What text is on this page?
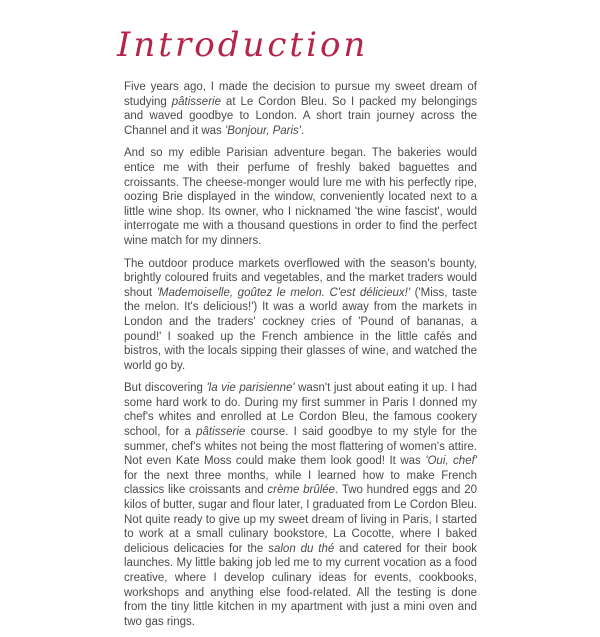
Introduction

Five years ago, I made the decision to pursue my sweet dream of studying pâtisserie at Le Cordon Bleu. So I packed my belongings and waved goodbye to London. A short train journey across the Channel and it was 'Bonjour, Paris'.

And so my edible Parisian adventure began. The bakeries would entice me with their perfume of freshly baked baguettes and croissants. The cheese-monger would lure me with his perfectly ripe, oozing Brie displayed in the window, conveniently located next to a little wine shop. Its owner, who I nicknamed 'the wine fascist', would interrogate me with a thousand questions in order to find the perfect wine match for my dinners.

The outdoor produce markets overflowed with the season's bounty, brightly coloured fruits and vegetables, and the market traders would shout 'Mademoiselle, goûtez le melon. C'est délicieux!' ('Miss, taste the melon. It's delicious!') It was a world away from the markets in London and the traders' cockney cries of 'Pound of bananas, a pound!' I soaked up the French ambience in the little cafés and bistros, with the locals sipping their glasses of wine, and watched the world go by.

But discovering 'la vie parisienne' wasn't just about eating it up. I had some hard work to do. During my first summer in Paris I donned my chef's whites and enrolled at Le Cordon Bleu, the famous cookery school, for a pâtisserie course. I said goodbye to my style for the summer, chef's whites not being the most flattering of women's attire. Not even Kate Moss could make them look good! It was 'Oui, chef' for the next three months, while I learned how to make French classics like croissants and crème brûlée. Two hundred eggs and 20 kilos of butter, sugar and flour later, I graduated from Le Cordon Bleu. Not quite ready to give up my sweet dream of living in Paris, I started to work at a small culinary bookstore, La Cocotte, where I baked delicious delicacies for the salon du thé and catered for their book launches. My little baking job led me to my current vocation as a food creative, where I develop culinary ideas for events, cookbooks, workshops and anything else food-related. All the testing is done from the tiny little kitchen in my apartment with just a mini oven and two gas rings.
